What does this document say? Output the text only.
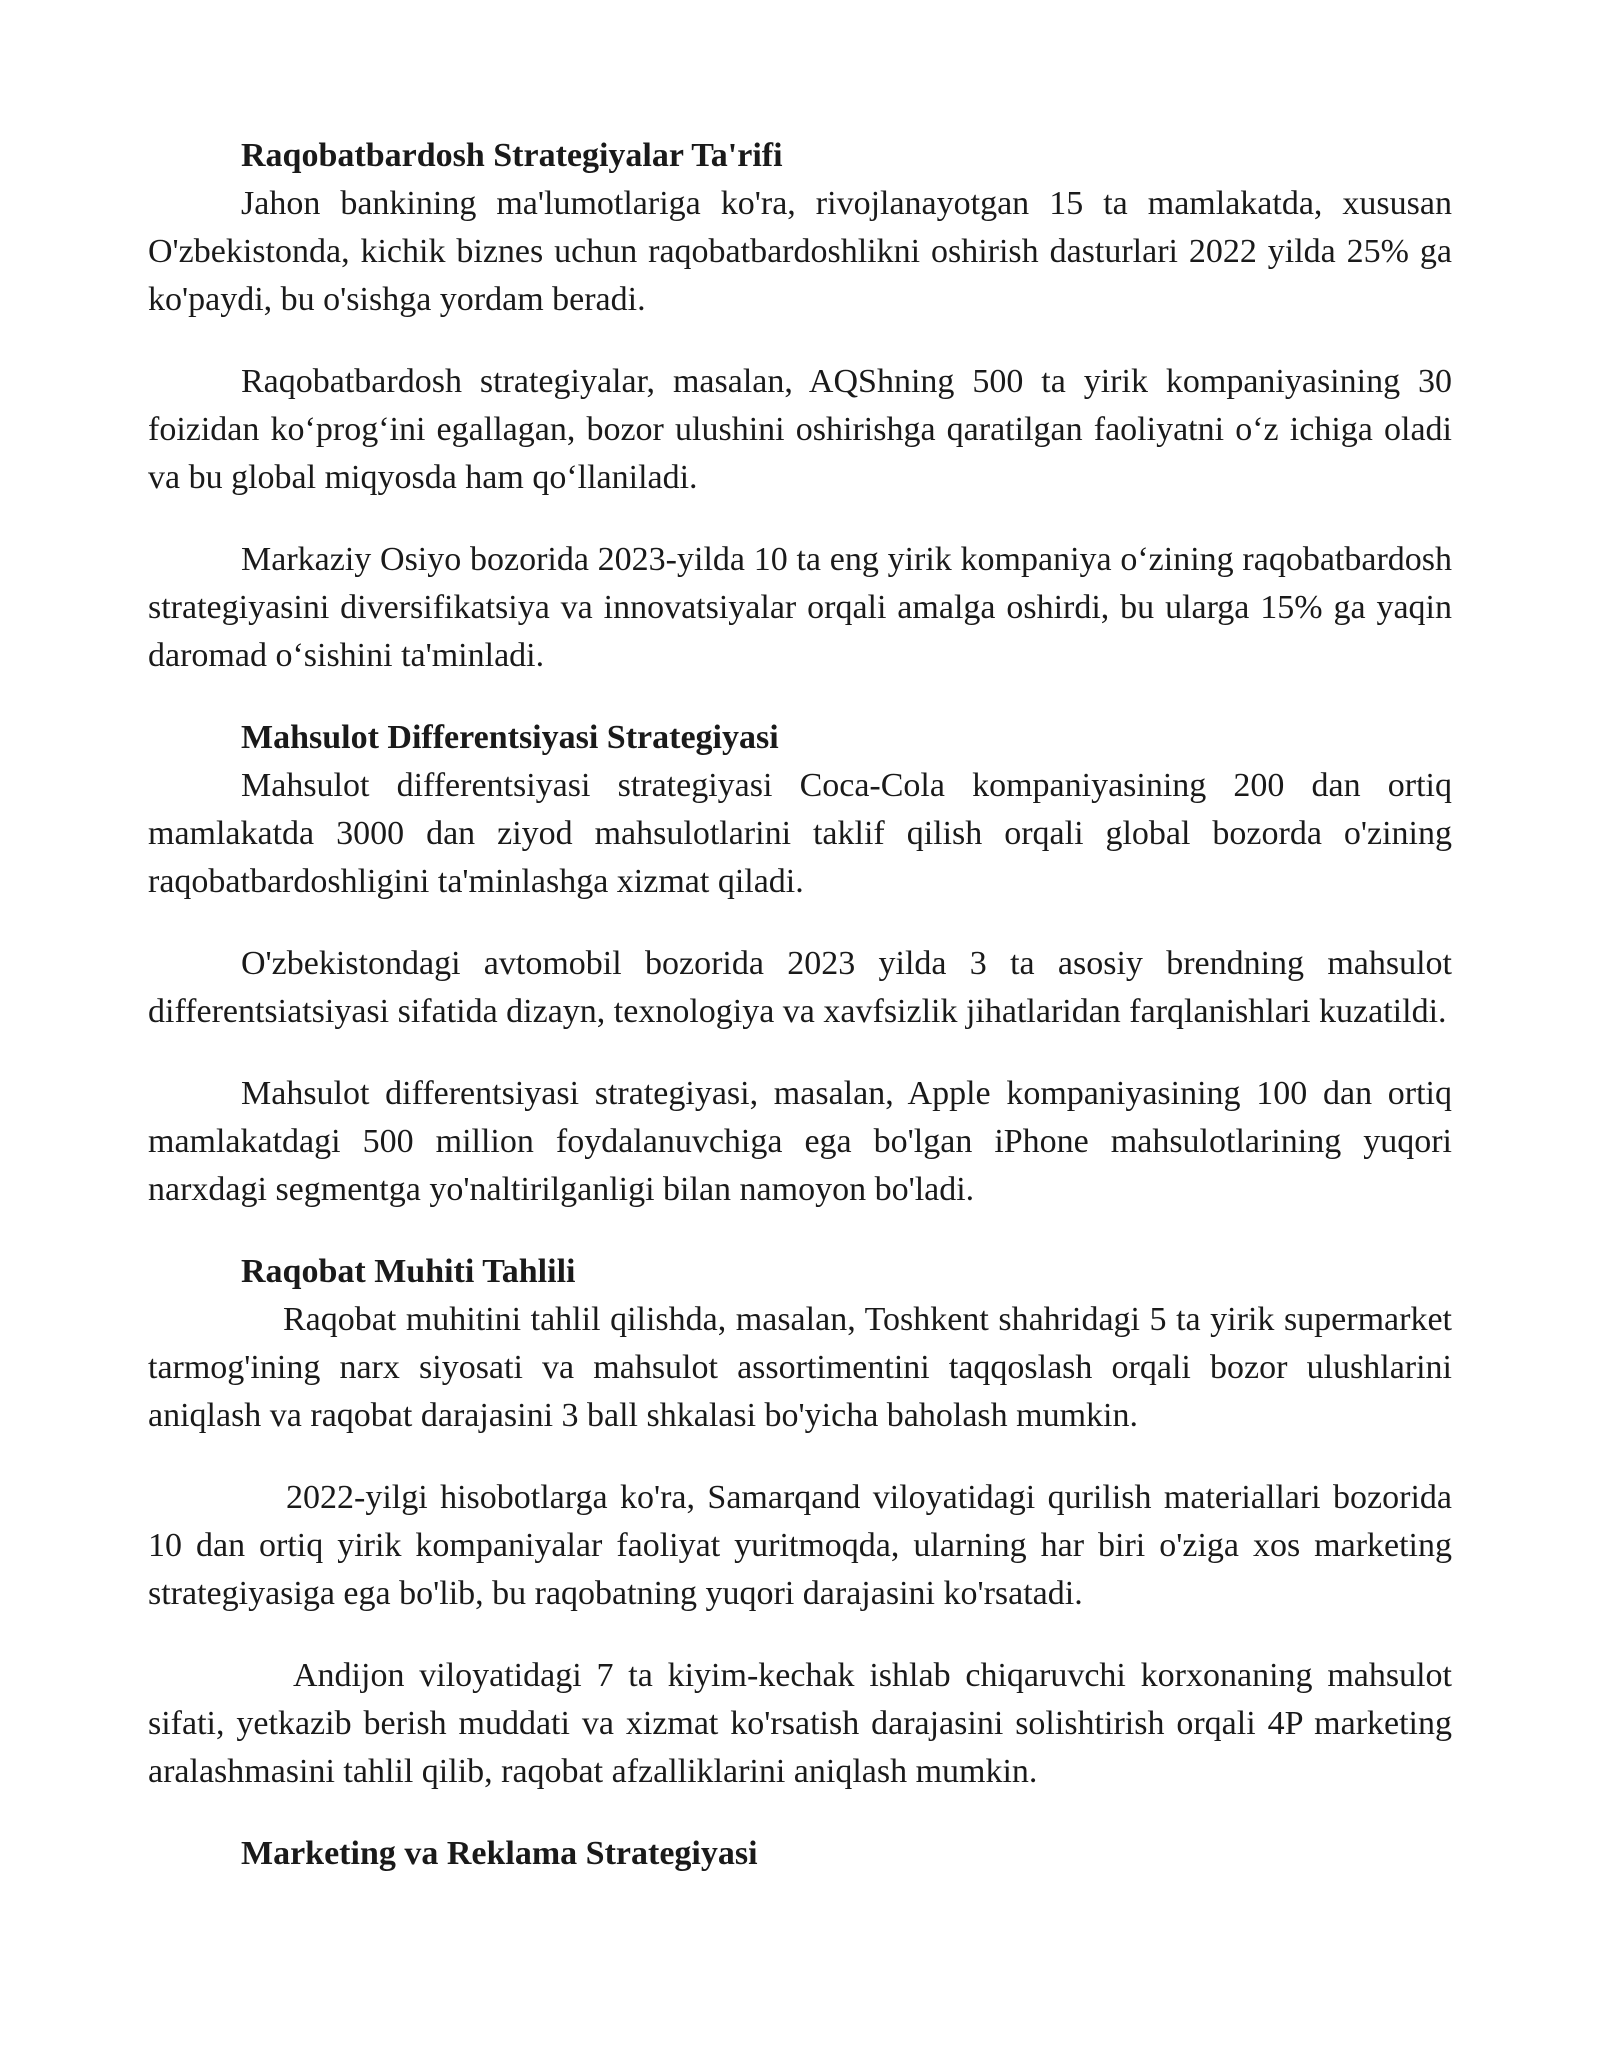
Raqobatbardosh Strategiyalar Ta'rifi

Jahon bankining ma'lumotlariga ko'ra, rivojlanayotgan 15 ta mamlakatda, xususan O'zbekistonda, kichik biznes uchun raqobatbardoshlikni oshirish dasturlari 2022 yilda 25% ga ko'paydi, bu o'sishga yordam beradi.

Raqobatbardosh strategiyalar, masalan, AQShning 500 ta yirik kompaniyasining 30 foizidan ko‘prog‘ini egallagan, bozor ulushini oshirishga qaratilgan faoliyatni o‘z ichiga oladi va bu global miqyosda ham qo‘llaniladi.

Markaziy Osiyo bozorida 2023-yilda 10 ta eng yirik kompaniya o‘zining raqobatbardosh strategiyasini diversifikatsiya va innovatsiyalar orqali amalga oshirdi, bu ularga 15% ga yaqin daromad o‘sishini ta'minladi.

Mahsulot Differentsiyasi Strategiyasi

Mahsulot differentsiyasi strategiyasi Coca-Cola kompaniyasining 200 dan ortiq mamlakatda 3000 dan ziyod mahsulotlarini taklif qilish orqali global bozorda o'zining raqobatbardoshligini ta'minlashga xizmat qiladi.

O'zbekistondagi avtomobil bozorida 2023 yilda 3 ta asosiy brendning mahsulot differentsiatsiyasi sifatida dizayn, texnologiya va xavfsizlik jihatlaridan farqlanishlari kuzatildi.

Mahsulot differentsiyasi strategiyasi, masalan, Apple kompaniyasining 100 dan ortiq mamlakatdagi 500 million foydalanuvchiga ega bo'lgan iPhone mahsulotlarining yuqori narxdagi segmentga yo'naltirilganligi bilan namoyon bo'ladi.

Raqobat Muhiti Tahlili

Raqobat muhitini tahlil qilishda, masalan, Toshkent shahridagi 5 ta yirik supermarket tarmog'ining narx siyosati va mahsulot assortimentini taqqoslash orqali bozor ulushlarini aniqlash va raqobat darajasini 3 ball shkalasi bo'yicha baholash mumkin.

2022-yilgi hisobotlarga ko'ra, Samarqand viloyatidagi qurilish materiallari bozorida 10 dan ortiq yirik kompaniyalar faoliyat yuritmoqda, ularning har biri o'ziga xos marketing strategiyasiga ega bo'lib, bu raqobatning yuqori darajasini ko'rsatadi.

Andijon viloyatidagi 7 ta kiyim-kechak ishlab chiqaruvchi korxonaning mahsulot sifati, yetkazib berish muddati va xizmat ko'rsatish darajasini solishtirish orqali 4P marketing aralashmasini tahlil qilib, raqobat afzalliklarini aniqlash mumkin.

Marketing va Reklama Strategiyasi
